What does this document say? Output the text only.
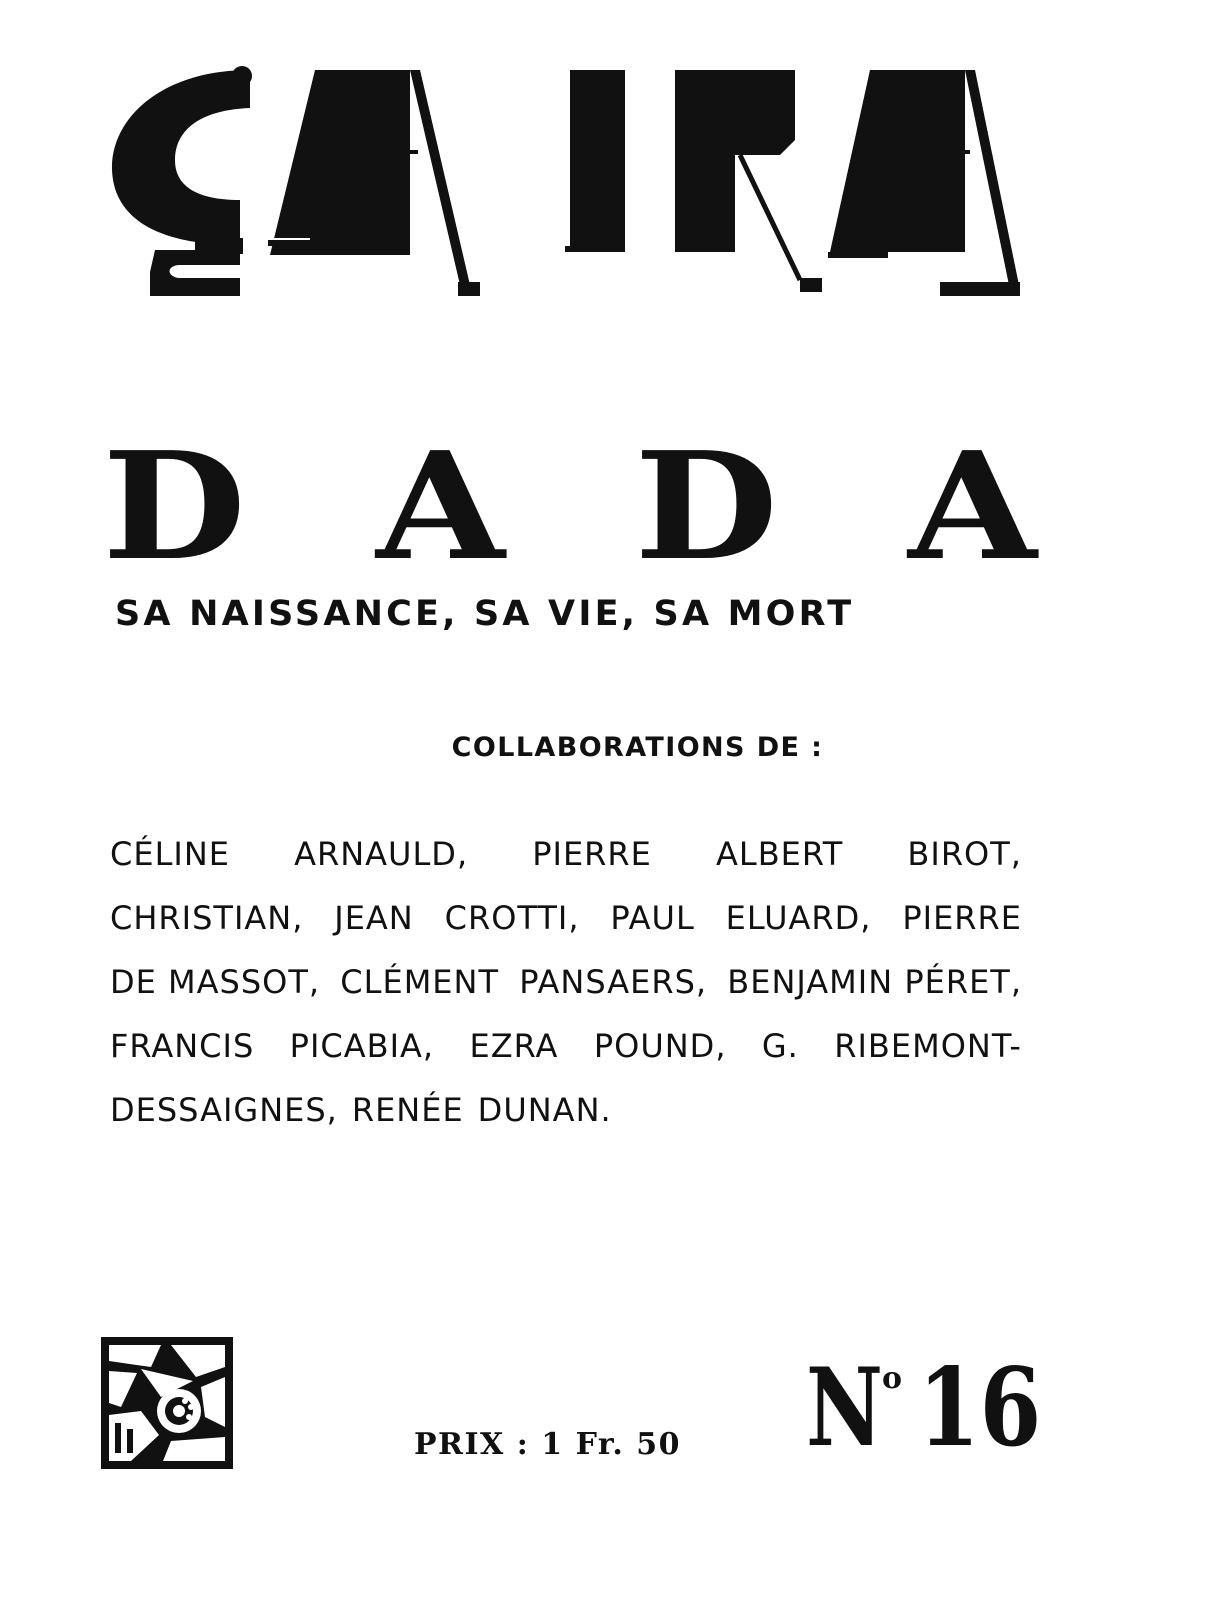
D A D A
SA NAISSANCE, SA VIE, SA MORT
COLLABORATIONS DE :
CÉLINE ARNAULD, PIERRE ALBERT BIROT,
CHRISTIAN, JEAN CROTTI, PAUL ELUARD, PIERRE
DE MASSOT, CLÉMENT PANSAERS, BENJAMIN PÉRET,
FRANCIS PICABIA, EZRA POUND, G. RIBEMONT-
DESSAIGNES, RENÉE DUNAN.
PRIX : 1 Fr. 50 N
o 16
